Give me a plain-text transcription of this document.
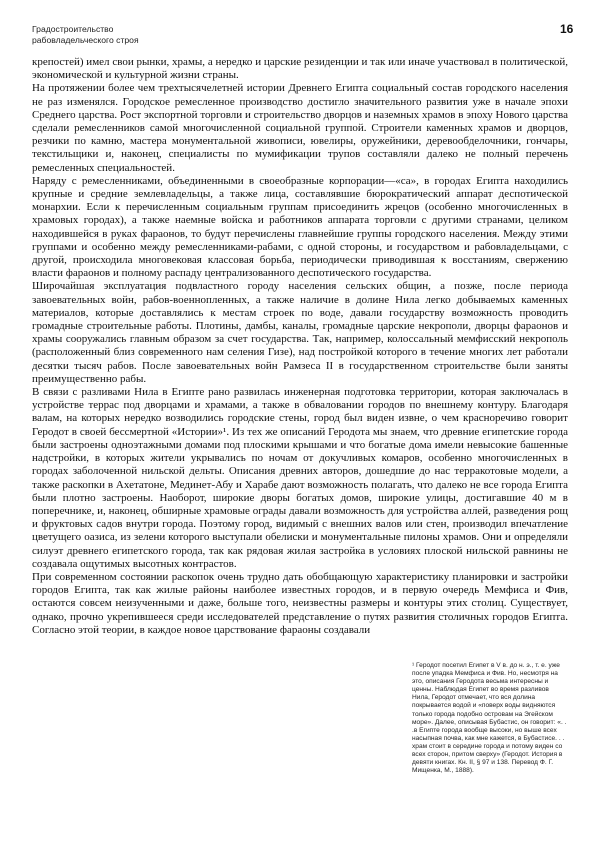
Градостроительство
рабовладельческого строя
16

крепостей) имел свои рынки, храмы, а нередко и царские резиденции и так или иначе участвовал в политической, экономической и культурной жизни страны.

На протяжении более чем трехтысячелетней истории Древнего Египта социальный состав городского населения не раз изменялся. Городское ремесленное производство достигло значительного развития уже в начале эпохи Среднего царства. Рост экспортной торговли и строительство дворцов и наземных храмов в эпоху Нового царства сделали ремесленников самой многочисленной социальной группой. Строители каменных храмов и дворцов, резчики по камню, мастера монументальной живописи, ювелиры, оружейники, деревообделочники, гончары, текстильщики и, наконец, специалисты по мумификации трупов составляли далеко не полный перечень ремесленных специальностей.

Наряду с ремесленниками, объединенными в своеобразные корпорации—«са», в городах Египта находились крупные и средние землевладельцы, а также лица, составлявшие бюрократический аппарат деспотической монархии. Если к перечисленным социальным группам присоединить жрецов (особенно многочисленных в храмовых городах), а также наемные войска и работников аппарата торговли с другими странами, целиком находившейся в руках фараонов, то будут перечислены главнейшие группы городского населения. Между этими группами и особенно между ремесленниками-рабами, с одной стороны, и государством и рабовладельцами, с другой, происходила многовековая классовая борьба, периодически приводившая к восстаниям, свержению власти фараонов и полному распаду централизованного деспотического государства.

Широчайшая эксплуатация подвластного городу населения сельских общин, а позже, после периода завоевательных войн, рабов-военнопленных, а также наличие в долине Нила легко добываемых каменных материалов, которые доставлялись к местам строек по воде, давали государству возможность проводить громадные строительные работы. Плотины, дамбы, каналы, громадные царские некрополи, дворцы фараонов и храмы сооружались главным образом за счет государства. Так, например, колоссальный мемфисский некрополь (расположенный близ современного нам селения Гизе), над постройкой которого в течение многих лет работали десятки тысяч рабов. После завоевательных войн Рамзеса II в государственном строительстве были заняты преимущественно рабы.

В связи с разливами Нила в Египте рано развилась инженерная подготовка территории, которая заключалась в устройстве террас под дворцами и храмами, а также в обваловании городов по внешнему контуру. Благодаря валам, на которых нередко возводились городские стены, город был виден извне, о чем красноречиво говорит Геродот в своей бессмертной «Истории»¹. Из тех же описаний Геродота мы знаем, что древние египетские города были застроены одноэтажными домами под плоскими крышами и что богатые дома имели невысокие башенные надстройки, в которых жители укрывались по ночам от докучливых комаров, особенно многочисленных в городах заболоченной нильской дельты. Описания древних авторов, дошедшие до нас терракотовые модели, а также раскопки в Ахетатоне, Мединет-Абу и Харабе дают возможность полагать, что далеко не все города Египта были плотно застроены. Наоборот, широкие дворы богатых домов, широкие улицы, достигавшие 40 м в поперечнике, и, наконец, обширные храмовые ограды давали возможность для устройства аллей, разведения рощ и фруктовых садов внутри города. Поэтому город, видимый с внешних валов или стен, производил впечатление цветущего оазиса, из зелени которого выступали обелиски и монументальные пилоны храмов. Они и определяли силуэт древнего египетского города, так как рядовая жилая застройка в условиях плоской нильской равнины не создавала ощутимых высотных контрастов.

При современном состоянии раскопок очень трудно дать обобщающую характеристику планировки и застройки городов Египта, так как жилые районы наиболее известных городов, и в первую очередь Мемфиса и Фив, остаются совсем неизученными и даже, больше того, неизвестны размеры и контуры этих столиц. Существует, однако, прочно укрепившееся среди исследователей представление о путях развития столичных городов Египта. Согласно этой теории, в каждое новое царствование фараоны создавали

¹ Геродот посетил Египет в V в. до н. э., т. е. уже после упадка Мемфиса и Фив. Но, несмотря на это, описания Геродота весьма интересны и ценны. Наблюдая Египет во время разливов Нила, Геродот отмечает, что вся долина покрывается водой и «поверх воды видняются только города подобно островам на Эгейском море». Далее, описывая Бубастис, он говорит: «. . .в Египте города вообще высоки, но выше всех насыпная почва, как мне кажется, в Бубастисе. . . храм стоит в середине города и потому виден со всех сторон, притом сверху» (Геродот. История в девяти книгах. Кн. II, § 97 и 138. Перевод Ф. Г. Мищенка, М., 1888).
